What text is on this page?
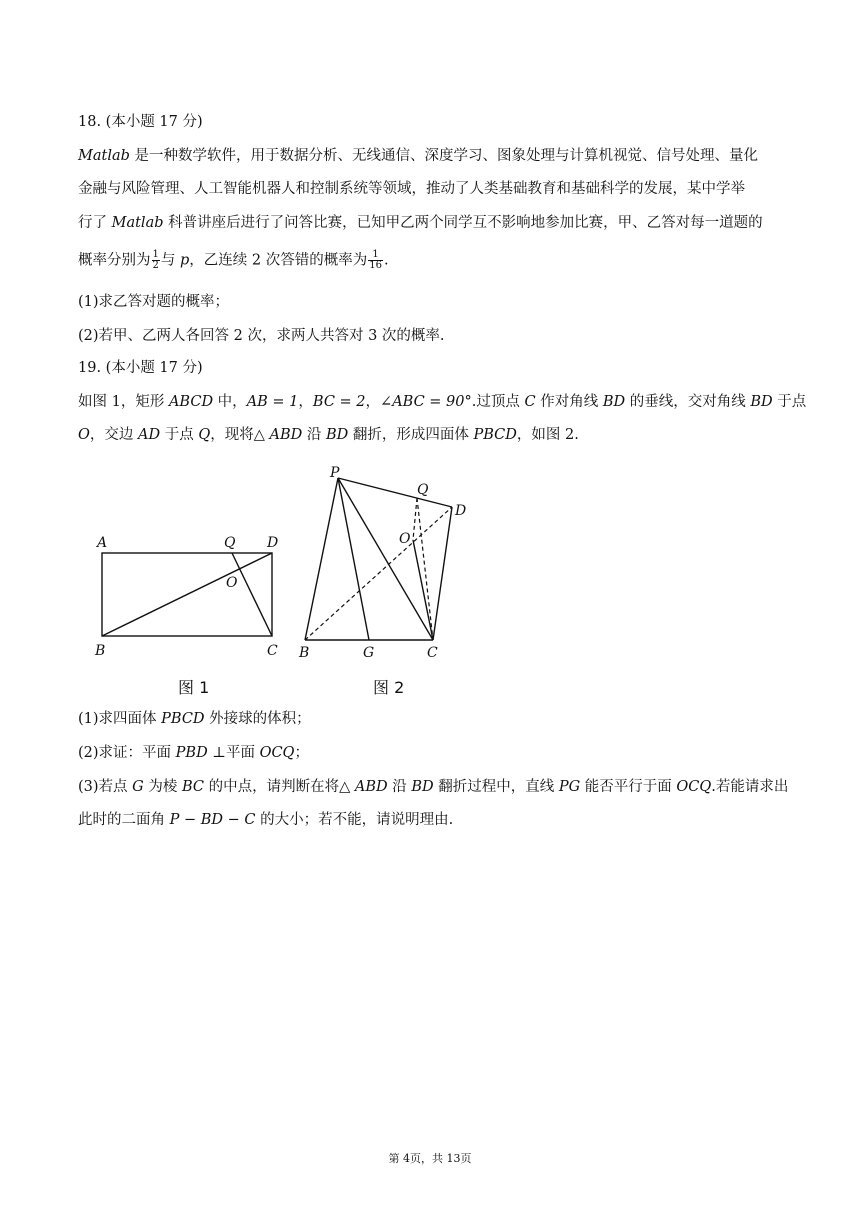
18. (本小题 17 分)
Matlab 是一种数学软件，用于数据分析、无线通信、深度学习、图象处理与计算机视觉、信号处理、量化
金融与风险管理、人工智能机器人和控制系统等领域，推动了人类基础教育和基础科学的发展，某中学举
行了 Matlab 科普讲座后进行了问答比赛，已知甲乙两个同学互不影响地参加比赛，甲、乙答对每一道题的
概率分别为 $\frac{1}{2}$ 与 p，乙连续 2 次答错的概率为 $\frac{1}{16}$ .
(1)求乙答对题的概率；
(2)若甲、乙两人各回答 2 次，求两人共答对 3 次的概率.
19. (本小题 17 分)
如图 1，矩形 ABCD 中，AB = 1，BC = 2，∠ABC = 90°.过顶点 C 作对角线 BD 的垂线，交对角线 BD 于点
O，交边 AD 于点 Q，现将△ ABD 沿 BD 翻折，形成四面体 PBCD，如图 2.
A	Q D
O
B	C
图 1
P
Q
D
O
B	G	C
图 2
(1)求四面体 PBCD 外接球的体积；
(2)求证：平面 PBD ⊥平面 OCQ；
(3)若点 G 为棱 BC 的中点，请判断在将△ ABD 沿 BD 翻折过程中，直线 PG 能否平行于面 OCQ.若能请求出
此时的二面角 P − BD − C 的大小；若不能，请说明理由.
第 4页，共 13页
